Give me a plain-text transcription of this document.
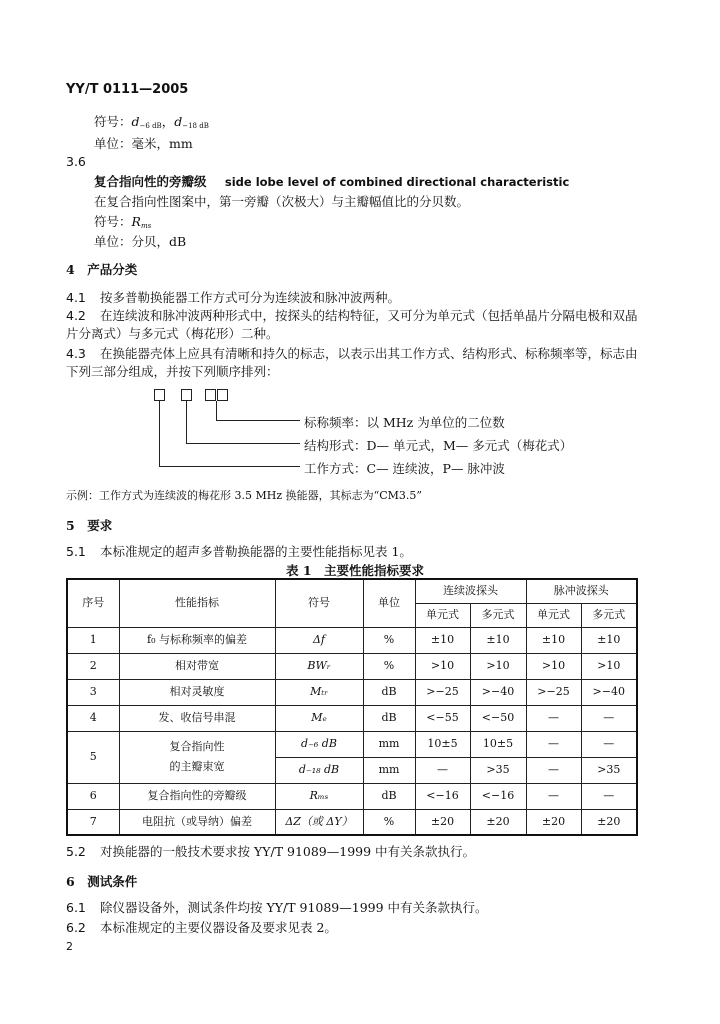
YY/T 0111—2005
符号：$d_{-6 dB}$，$d_{-18 dB}$
单位：毫米，mm
3.6
复合指向性的旁瓣级 side lobe level of combined directional characteristic
在复合指向性图案中，第一旁瓣（次极大）与主瓣幅值比的分贝数。
符号：$R_{ms}$
单位：分贝，dB
4　产品分类
4.1 按多普勒换能器工作方式可分为连续波和脉冲波两种。
4.2 在连续波和脉冲波两种形式中，按探头的结构特征，又可分为单元式（包括单晶片分隔电极和双晶
片分离式）与多元式（梅花形）二种。
4.3 在换能器壳体上应具有清晰和持久的标志，以表示出其工作方式、结构形式、标称频率等，标志由
下列三部分组成，并按下列顺序排列：
标称频率：以 MHz 为单位的二位数
结构形式：D— 单元式，M— 多元式（梅花式）
工作方式：C— 连续波，P— 脉冲波
示例：工作方式为连续波的梅花形 3.5 MHz 换能器，其标志为“CM3.5”
5　要求
5.1 本标准规定的超声多普勒换能器的主要性能指标见表 1。
表 1　主要性能指标要求
序号	性能指标	符号	单位	连续波探头		脉冲波探头	
				单元式	多元式	单元式	多元式
1	f₀ 与标称频率的偏差	Δf	%	±10	±10	±10	±10
2	相对带宽	BWᵣ	%	>10	>10	>10	>10
3	相对灵敏度	Mₜᵣ	dB	>−25	>−40	>−25	>−40
4	发、收信号串混	Mₑ	dB	<−55	<−50	—	—
5	复合指向性
的主瓣束宽	d₋₆ dB	mm	10±5	10±5	—	—
		d₋₁₈ dB	mm	—	>35	—	>35
6	复合指向性的旁瓣级	Rₘₛ	dB	<−16	<−16	—	—
7	电阻抗（或导纳）偏差	ΔZ（或 ΔY）	%	±20	±20	±20	±20
5.2 对换能器的一般技术要求按 YY/T 91089—1999 中有关条款执行。
6　测试条件
6.1 除仪器设备外，测试条件均按 YY/T 91089—1999 中有关条款执行。
6.2 本标准规定的主要仪器设备及要求见表 2。
2
